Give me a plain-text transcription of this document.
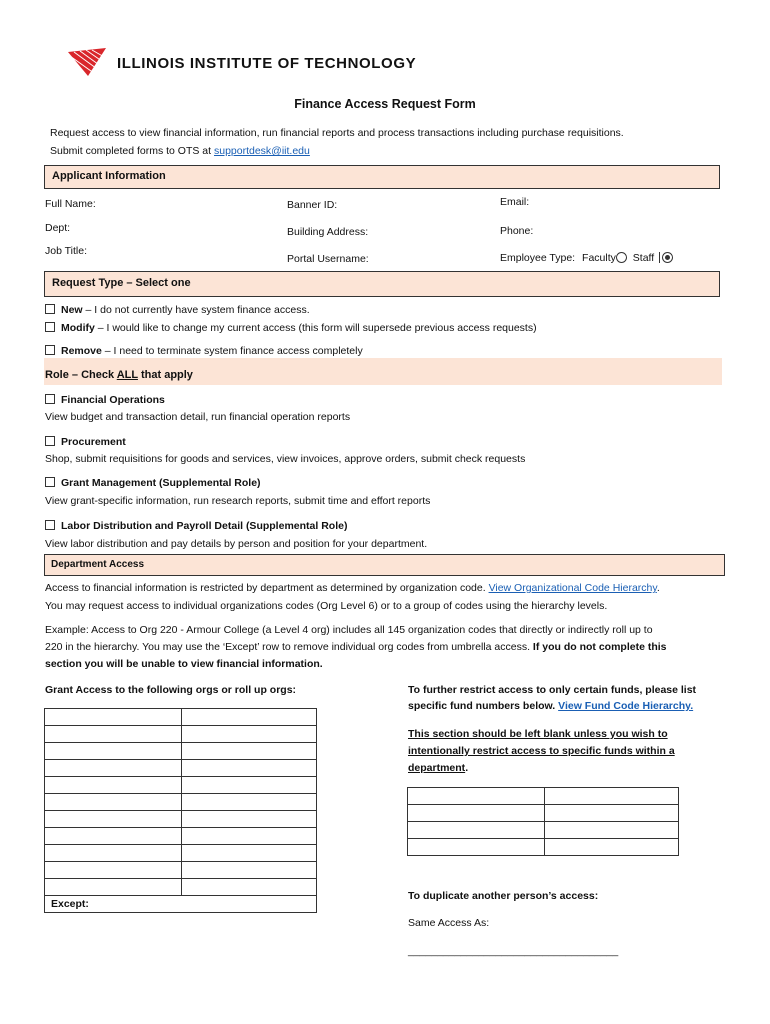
ILLINOIS INSTITUTE OF TECHNOLOGY
Finance Access Request Form
Request access to view financial information, run financial reports and process transactions including purchase requisitions.
Submit completed forms to OTS at supportdesk@iit.edu
Applicant Information
Full Name:	Banner ID:	Email:
Dept:	Building Address:	Phone:
Job Title:
Portal Username:	Employee Type: Faculty Staff
Request Type – Select one
New – I do not currently have system finance access.
Modify – I would like to change my current access (this form will supersede previous access requests)
Remove – I need to terminate system finance access completely
Role – Check ALL that apply
Financial Operations
View budget and transaction detail, run financial operation reports
Procurement
Shop, submit requisitions for goods and services, view invoices, approve orders, submit check requests
Grant Management (Supplemental Role)
View grant-specific information, run research reports, submit time and effort reports
Labor Distribution and Payroll Detail (Supplemental Role)
View labor distribution and pay details by person and position for your department.
Department Access
Access to financial information is restricted by department as determined by organization code. View Organizational Code Hierarchy.
You may request access to individual organizations codes (Org Level 6) or to a group of codes using the hierarchy levels.
Example: Access to Org 220 - Armour College (a Level 4 org) includes all 145 organization codes that directly or indirectly roll up to
220 in the hierarchy. You may use the ‘Except’ row to remove individual org codes from umbrella access. If you do not complete this
section you will be unable to view financial information.
Grant Access to the following orgs or roll up orgs:

Except:	
To further restrict access to only certain funds, please list
specific fund numbers below. View Fund Code Hierarchy.
This section should be left blank unless you wish to
intentionally restrict access to specific funds within a
department.

To duplicate another person’s access:
Same Access As:
____________________________________
